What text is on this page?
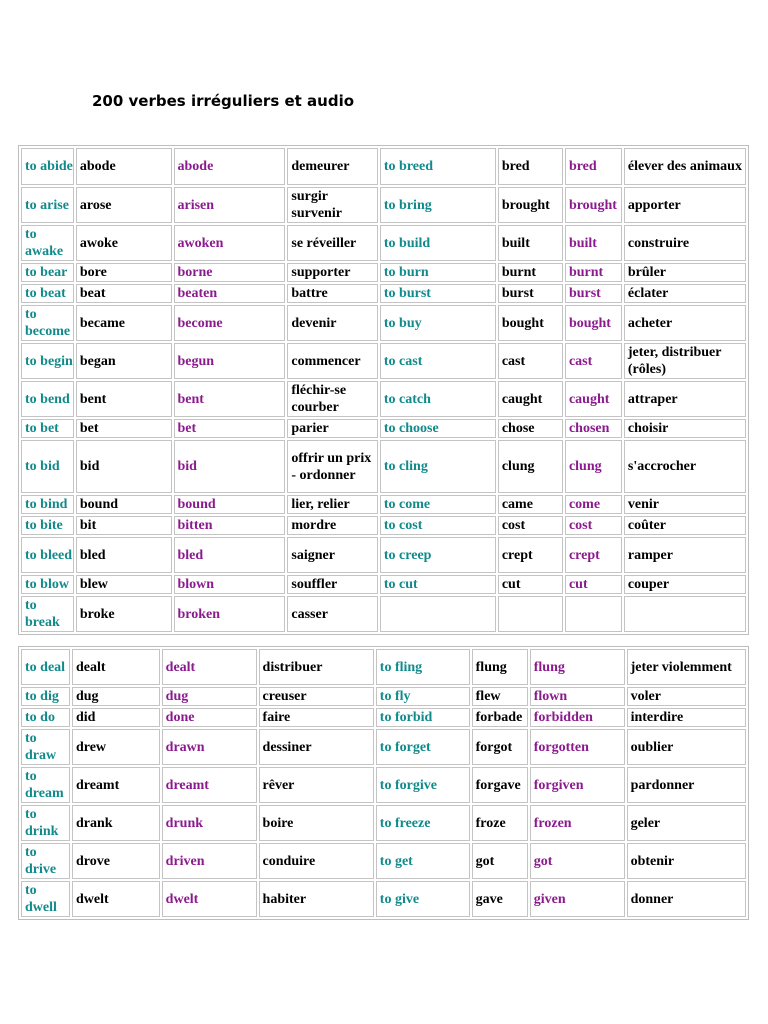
200 verbes irréguliers et audio
to abide	abode	abode	demeurer	to breed	bred	bred	élever des animaux
to arise	arose	arisen	surgir survenir	to bring	brought	brought	apporter
to awake	awoke	awoken	se réveiller	to build	built	built	construire
to bear	bore	borne	supporter	to burn	burnt	burnt	brûler
to beat	beat	beaten	battre	to burst	burst	burst	éclater
to become	became	become	devenir	to buy	bought	bought	acheter
to begin	began	begun	commencer	to cast	cast	cast	jeter, distribuer (rôles)
to bend	bent	bent	fléchir-se courber	to catch	caught	caught	attraper
to bet	bet	bet	parier	to choose	chose	chosen	choisir
to bid	bid	bid	offrir un prix - ordonner	to cling	clung	clung	s'accrocher
to bind	bound	bound	lier, relier	to come	came	come	venir
to bite	bit	bitten	mordre	to cost	cost	cost	coûter
to bleed	bled	bled	saigner	to creep	crept	crept	ramper
to blow	blew	blown	souffler	to cut	cut	cut	couper
to break	broke	broken	casser				
to deal	dealt	dealt	distribuer	to fling	flung	flung	jeter violemment
to dig	dug	dug	creuser	to fly	flew	flown	voler
to do	did	done	faire	to forbid	forbade	forbidden	interdire
to draw	drew	drawn	dessiner	to forget	forgot	forgotten	oublier
to dream	dreamt	dreamt	rêver	to forgive	forgave	forgiven	pardonner
to drink	drank	drunk	boire	to freeze	froze	frozen	geler
to drive	drove	driven	conduire	to get	got	got	obtenir
to dwell	dwelt	dwelt	habiter	to give	gave	given	donner
